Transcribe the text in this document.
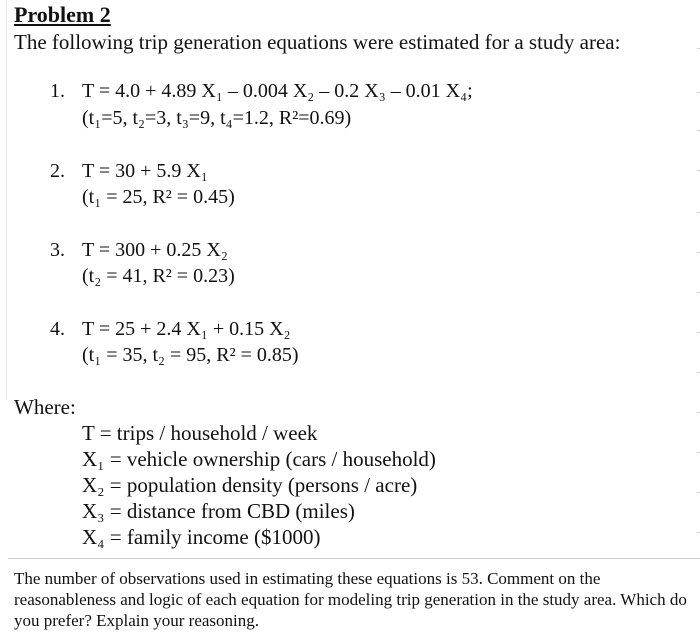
Problem 2
The following trip generation equations were estimated for a study area:
1. T = 4.0 + 4.89 X₁ – 0.004 X₂ – 0.2 X₃ – 0.01 X₄;
(t₁=5, t₂=3, t₃=9, t₄=1.2, R²=0.69)
2. T = 30 + 5.9 X₁
(t₁ = 25, R² = 0.45)
3. T = 300 + 0.25 X₂
(t₂ = 41, R² = 0.23)
4. T = 25 + 2.4 X₁ + 0.15 X₂
(t₁ = 35, t₂ = 95, R² = 0.85)
Where:
T = trips / household / week
X₁ = vehicle ownership (cars / household)
X₂ = population density (persons / acre)
X₃ = distance from CBD (miles)
X₄ = family income ($1000)
The number of observations used in estimating these equations is 53. Comment on the reasonableness and logic of each equation for modeling trip generation in the study area. Which do you prefer? Explain your reasoning.
